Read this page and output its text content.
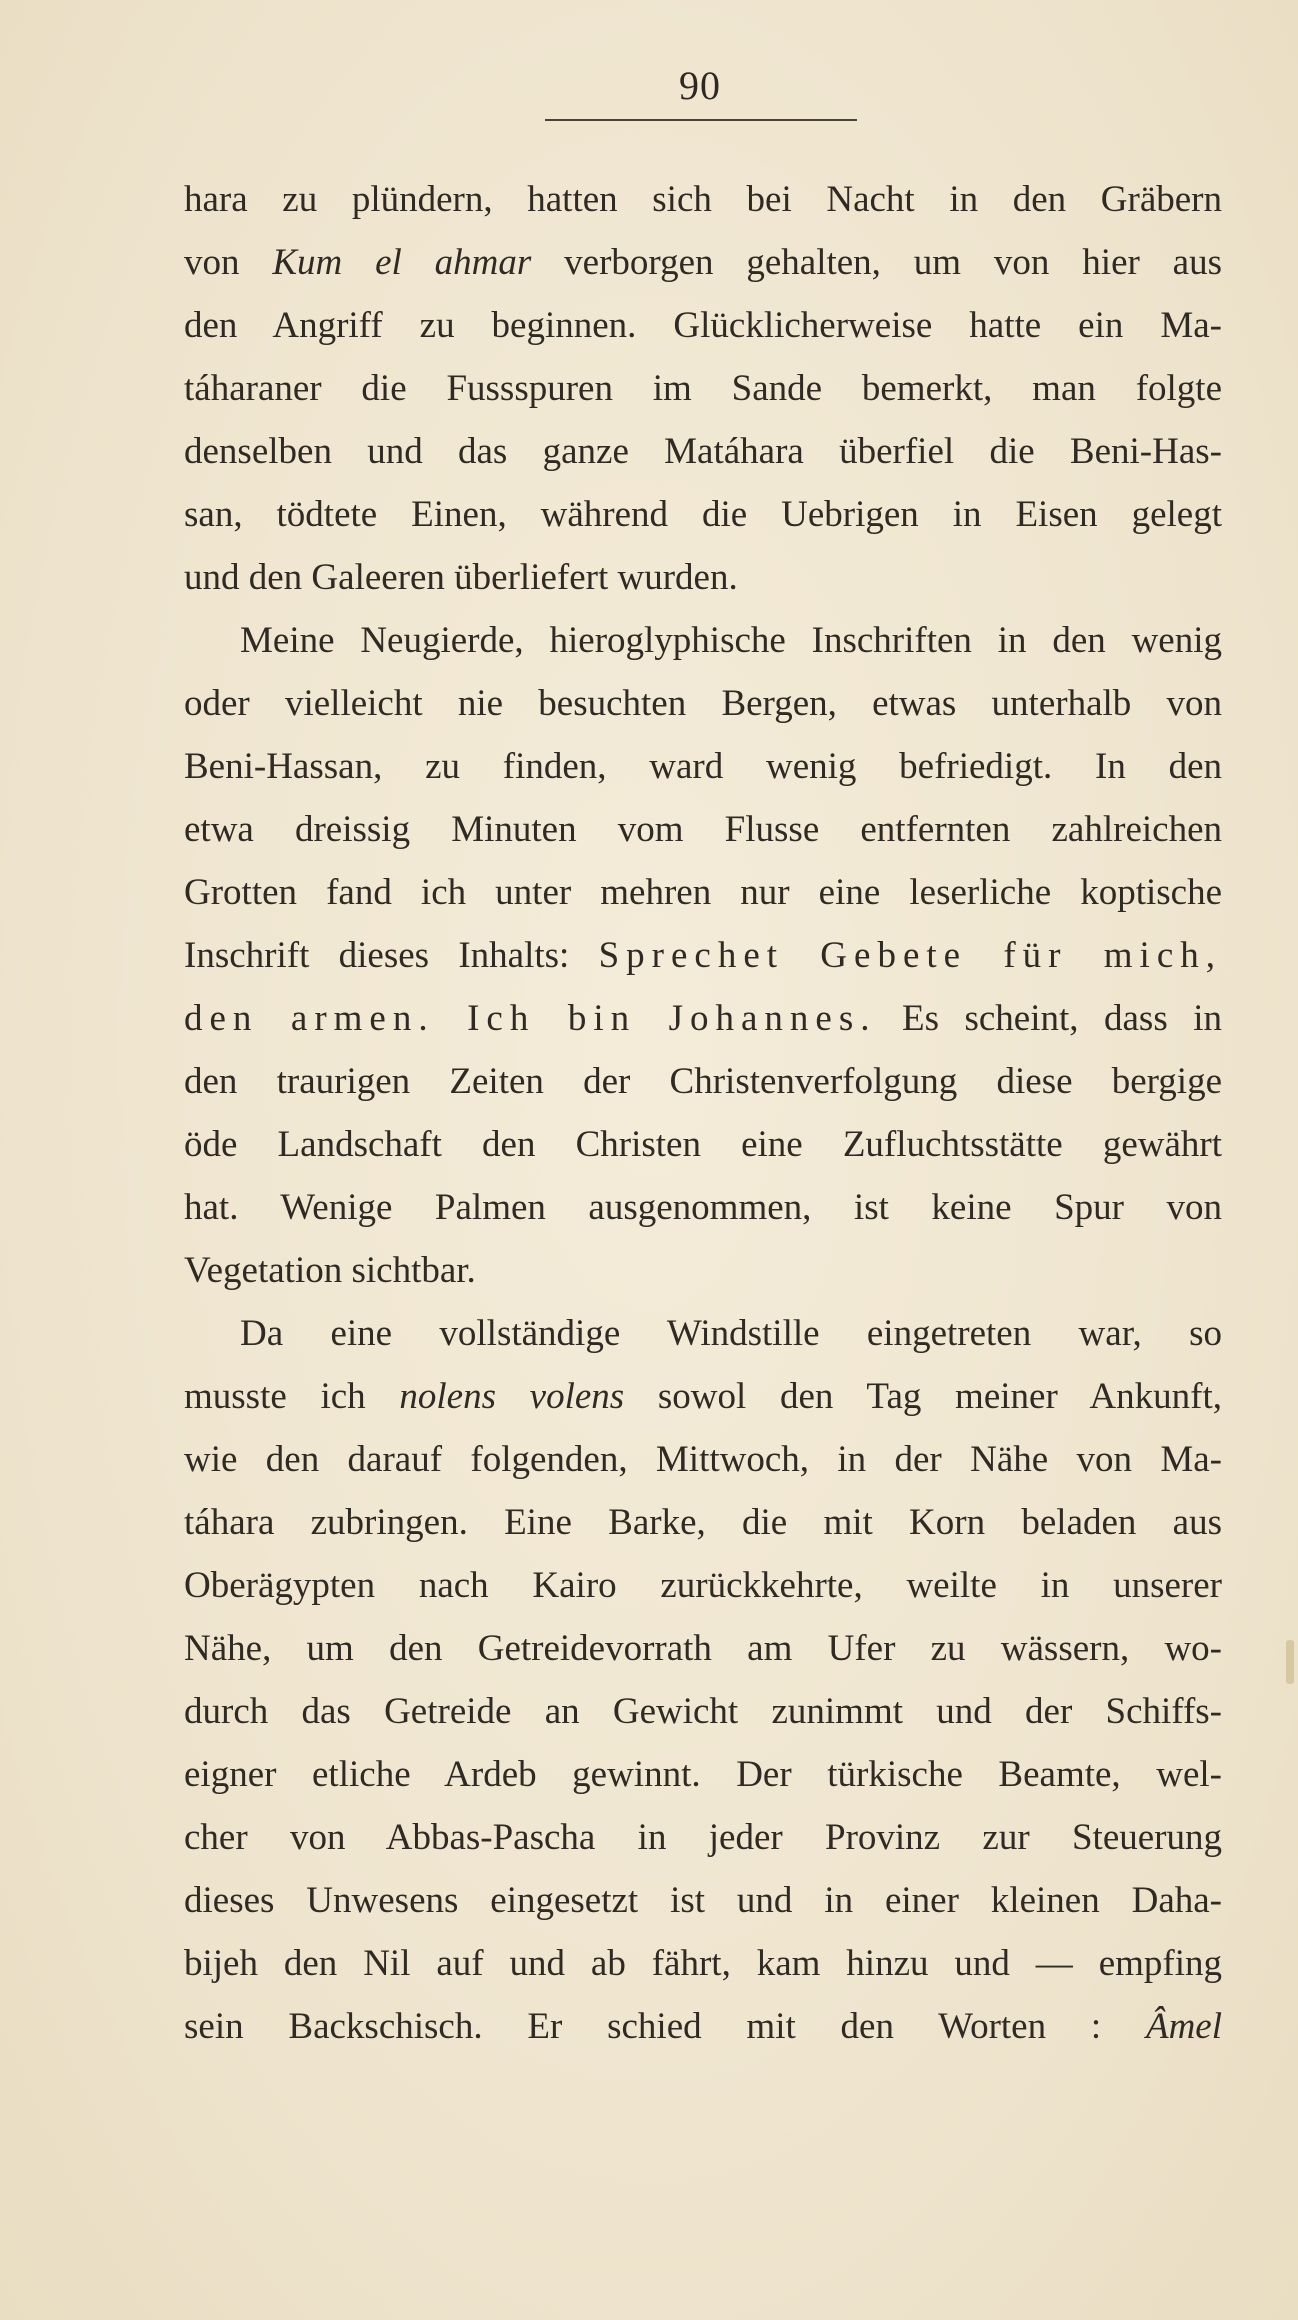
90
hara zu plündern, hatten sich bei Nacht in den Gräbern
von Kum el ahmar verborgen gehalten, um von hier aus
den Angriff zu beginnen. Glücklicherweise hatte ein Ma-
táharaner die Fussspuren im Sande bemerkt, man folgte
denselben und das ganze Matáhara überfiel die Beni-Has-
san, tödtete Einen, während die Uebrigen in Eisen gelegt
und den Galeeren überliefert wurden.
Meine Neugierde, hieroglyphische Inschriften in den wenig
oder vielleicht nie besuchten Bergen, etwas unterhalb von
Beni-Hassan, zu finden, ward wenig befriedigt. In den
etwa dreissig Minuten vom Flusse entfernten zahlreichen
Grotten fand ich unter mehren nur eine leserliche koptische
Inschrift dieses Inhalts: Sprechet Gebete für mich,
den armen. Ich bin Johannes. Es scheint, dass in
den traurigen Zeiten der Christenverfolgung diese bergige
öde Landschaft den Christen eine Zufluchtsstätte gewährt
hat. Wenige Palmen ausgenommen, ist keine Spur von
Vegetation sichtbar.
Da eine vollständige Windstille eingetreten war, so
musste ich nolens volens sowol den Tag meiner Ankunft,
wie den darauf folgenden, Mittwoch, in der Nähe von Ma-
táhara zubringen. Eine Barke, die mit Korn beladen aus
Oberägypten nach Kairo zurückkehrte, weilte in unserer
Nähe, um den Getreidevorrath am Ufer zu wässern, wo-
durch das Getreide an Gewicht zunimmt und der Schiffs-
eigner etliche Ardeb gewinnt. Der türkische Beamte, wel-
cher von Abbas-Pascha in jeder Provinz zur Steuerung
dieses Unwesens eingesetzt ist und in einer kleinen Daha-
bijeh den Nil auf und ab fährt, kam hinzu und — empfing
sein Backschisch. Er schied mit den Worten : Âmel
